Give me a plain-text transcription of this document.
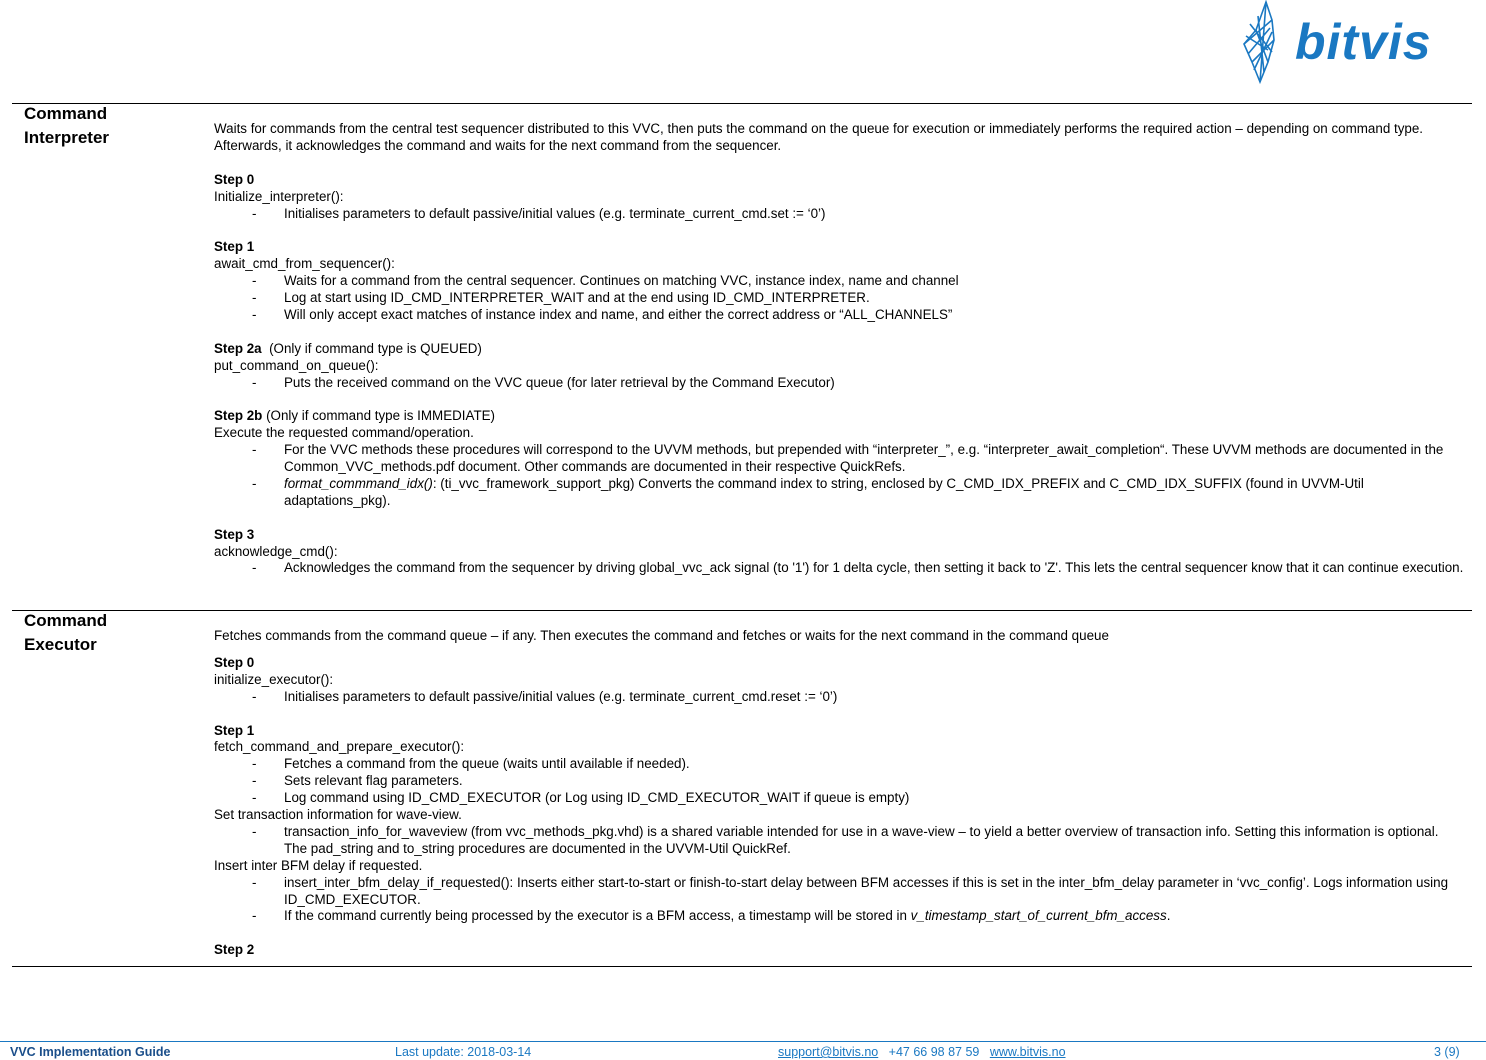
bitvis
Command
Interpreter	Waits for commands from the central test sequencer distributed to this VVC, then puts the command on the queue for execution or immediately performs the required action – depending on command type. Afterwards, it acknowledges the command and waits for the next command from the sequencer.

Step 0

Initialize_interpreter():

- Initialises parameters to default passive/initial values (e.g. terminate_current_cmd.set := ‘0’)

Step 1

await_cmd_from_sequencer():

- Waits for a command from the central sequencer. Continues on matching VVC, instance index, name and channel
- Log at start using ID_CMD_INTERPRETER_WAIT and at the end using ID_CMD_INTERPRETER.
- Will only accept exact matches of instance index and name, and either the correct address or “ALL_CHANNELS”

Step 2a  (Only if command type is QUEUED)

put_command_on_queue():

- Puts the received command on the VVC queue (for later retrieval by the Command Executor)

Step 2b (Only if command type is IMMEDIATE)

Execute the requested command/operation.

- For the VVC methods these procedures will correspond to the UVVM methods, but prepended with “interpreter_”, e.g. “interpreter_await_completion“. These UVVM methods are documented in the Common_VVC_methods.pdf document. Other commands are documented in their respective QuickRefs.
- format_commmand_idx(): (ti_vvc_framework_support_pkg) Converts the command index to string, enclosed by C_CMD_IDX_PREFIX and C_CMD_IDX_SUFFIX (found in UVVM-Util adaptations_pkg).

Step 3

acknowledge_cmd():

- Acknowledges the command from the sequencer by driving global_vvc_ack signal (to '1') for 1 delta cycle, then setting it back to 'Z'. This lets the central sequencer know that it can continue execution.
Command
Executor	Fetches commands from the command queue – if any. Then executes the command and fetches or waits for the next command in the command queue

Step 0

initialize_executor():

- Initialises parameters to default passive/initial values (e.g. terminate_current_cmd.reset := ‘0’)

Step 1

fetch_command_and_prepare_executor():

- Fetches a command from the queue (waits until available if needed).
- Sets relevant flag parameters.
- Log command using ID_CMD_EXECUTOR (or Log using ID_CMD_EXECUTOR_WAIT if queue is empty)

Set transaction information for wave-view.

- transaction_info_for_waveview (from vvc_methods_pkg.vhd) is a shared variable intended for use in a wave-view – to yield a better overview of transaction info. Setting this information is optional. The pad_string and to_string procedures are documented in the UVVM-Util QuickRef.

Insert inter BFM delay if requested.

- insert_inter_bfm_delay_if_requested(): Inserts either start-to-start or finish-to-start delay between BFM accesses if this is set in the inter_bfm_delay parameter in ‘vvc_config’. Logs information using ID_CMD_EXECUTOR.
- If the command currently being processed by the executor is a BFM access, a timestamp will be stored in v_timestamp_start_of_current_bfm_access.

Step 2

VVC Implementation Guide	Last update: 2018-03-14	support@bitvis.no +47 66 98 87 59 www.bitvis.no	3 (9)
